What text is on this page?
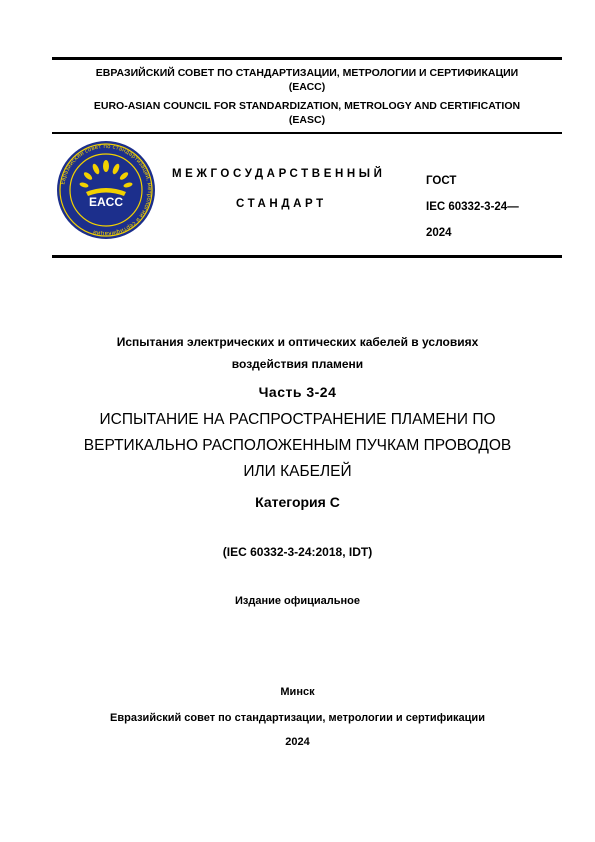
ЕВРАЗИЙСКИЙ СОВЕТ ПО СТАНДАРТИЗАЦИИ, МЕТРОЛОГИИ И СЕРТИФИКАЦИИ
(ЕАСС)
EURO-ASIAN COUNCIL FOR STANDARDIZATION, METROLOGY AND CERTIFICATION
(EASC)
Евразийский совет по стандартизации, метрологии и сертификации
EACC
МЕЖГОСУДАРСТВЕННЫЙ
СТАНДАРТ
ГОСТ
IEC 60332-3-24—
2024
Испытания электрических и оптических кабелей в условиях
воздействия пламени
Часть 3-24
ИСПЫТАНИЕ НА РАСПРОСТРАНЕНИЕ ПЛАМЕНИ ПО
ВЕРТИКАЛЬНО РАСПОЛОЖЕННЫМ ПУЧКАМ ПРОВОДОВ
ИЛИ КАБЕЛЕЙ
Категория С
(IEC 60332-3-24:2018, IDT)
Издание официальное
Минск
Евразийский совет по стандартизации, метрологии и сертификации
2024
